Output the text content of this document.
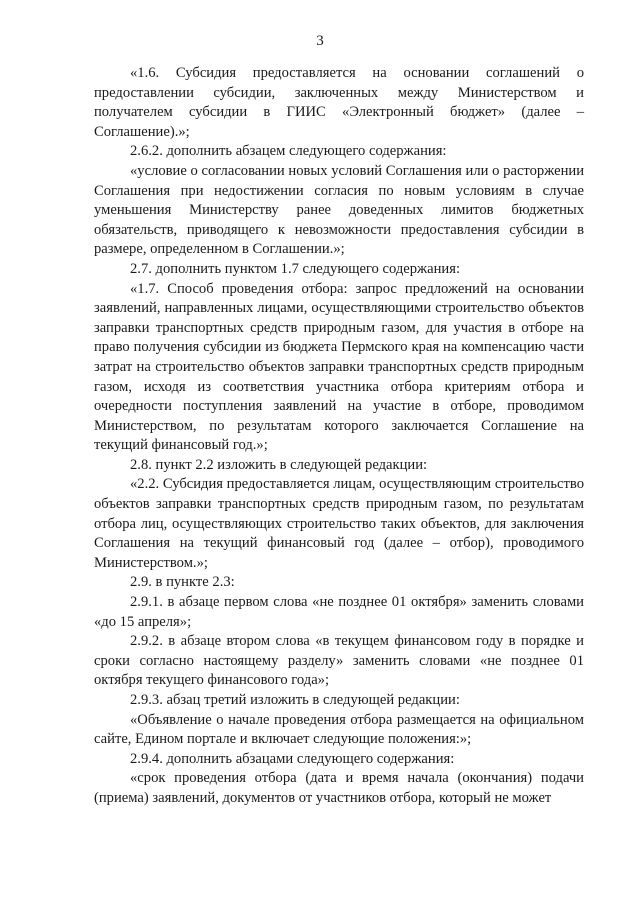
3

«1.6. Субсидия предоставляется на основании соглашений о предоставлении субсидии, заключенных между Министерством и получателем субсидии в ГИИС «Электронный бюджет» (далее – Соглашение).»;

2.6.2. дополнить абзацем следующего содержания:

«условие о согласовании новых условий Соглашения или о расторжении Соглашения при недостижении согласия по новым условиям в случае уменьшения Министерству ранее доведенных лимитов бюджетных обязательств, приводящего к невозможности предоставления субсидии в размере, определенном в Соглашении.»;

2.7. дополнить пунктом 1.7 следующего содержания:

«1.7. Способ проведения отбора: запрос предложений на основании заявлений, направленных лицами, осуществляющими строительство объектов заправки транспортных средств природным газом, для участия в отборе на право получения субсидии из бюджета Пермского края на компенсацию части затрат на строительство объектов заправки транспортных средств природным газом, исходя из соответствия участника отбора критериям отбора и очередности поступления заявлений на участие в отборе, проводимом Министерством, по результатам которого заключается Соглашение на текущий финансовый год.»;

2.8. пункт 2.2 изложить в следующей редакции:

«2.2. Субсидия предоставляется лицам, осуществляющим строительство объектов заправки транспортных средств природным газом, по результатам отбора лиц, осуществляющих строительство таких объектов, для заключения Соглашения на текущий финансовый год (далее – отбор), проводимого Министерством.»;

2.9. в пункте 2.3:

2.9.1. в абзаце первом слова «не позднее 01 октября» заменить словами «до 15 апреля»;

2.9.2. в абзаце втором слова «в текущем финансовом году в порядке и сроки согласно настоящему разделу» заменить словами «не позднее 01 октября текущего финансового года»;

2.9.3. абзац третий изложить в следующей редакции:

«Объявление о начале проведения отбора размещается на официальном сайте, Едином портале и включает следующие положения:»;

2.9.4. дополнить абзацами следующего содержания:

«срок проведения отбора (дата и время начала (окончания) подачи (приема) заявлений, документов от участников отбора, который не может
